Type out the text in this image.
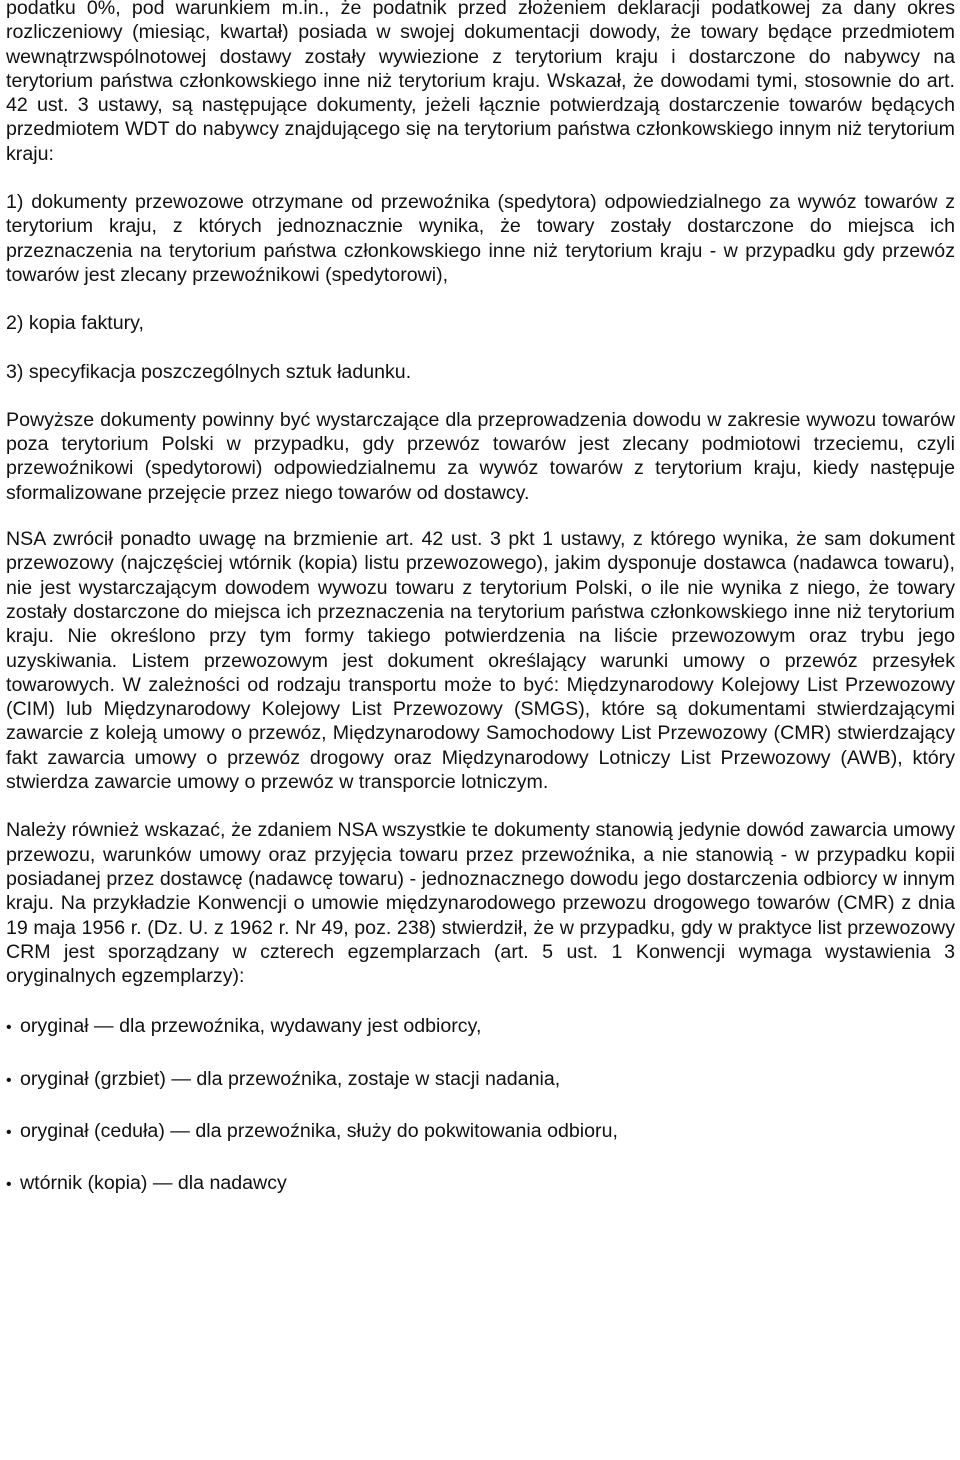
podatku 0%, pod warunkiem m.in., że podatnik przed złożeniem deklaracji podatkowej za dany okres rozliczeniowy (miesiąc, kwartał) posiada w swojej dokumentacji dowody, że towary będące przedmiotem wewnątrzwspólnotowej dostawy zostały wywiezione z terytorium kraju i dostarczone do nabywcy na terytorium państwa członkowskiego inne niż terytorium kraju. Wskazał, że dowodami tymi, stosownie do art. 42 ust. 3 ustawy, są następujące dokumenty, jeżeli łącznie potwierdzają dostarczenie towarów będących przedmiotem WDT do nabywcy znajdującego się na terytorium państwa członkowskiego innym niż terytorium kraju:

1) dokumenty przewozowe otrzymane od przewoźnika (spedytora) odpowiedzialnego za wywóz towarów z terytorium kraju, z których jednoznacznie wynika, że towary zostały dostarczone do miejsca ich przeznaczenia na terytorium państwa członkowskiego inne niż terytorium kraju - w przypadku gdy przewóz towarów jest zlecany przewoźnikowi (spedytorowi),

2) kopia faktury,

3) specyfikacja poszczególnych sztuk ładunku.

Powyższe dokumenty powinny być wystarczające dla przeprowadzenia dowodu w zakresie wywozu towarów poza terytorium Polski w przypadku, gdy przewóz towarów jest zlecany podmiotowi trzeciemu, czyli przewoźnikowi (spedytorowi) odpowiedzialnemu za wywóz towarów z terytorium kraju, kiedy następuje sformalizowane przejęcie przez niego towarów od dostawcy.

NSA zwrócił ponadto uwagę na brzmienie art. 42 ust. 3 pkt 1 ustawy, z którego wynika, że sam dokument przewozowy (najczęściej wtórnik (kopia) listu przewozowego), jakim dysponuje dostawca (nadawca towaru), nie jest wystarczającym dowodem wywozu towaru z terytorium Polski, o ile nie wynika z niego, że towary zostały dostarczone do miejsca ich przeznaczenia na terytorium państwa członkowskiego inne niż terytorium kraju. Nie określono przy tym formy takiego potwierdzenia na liście przewozowym oraz trybu jego uzyskiwania. Listem przewozowym jest dokument określający warunki umowy o przewóz przesyłek towarowych. W zależności od rodzaju transportu może to być: Międzynarodowy Kolejowy List Przewozowy (CIM) lub Międzynarodowy Kolejowy List Przewozowy (SMGS), które są dokumentami stwierdzającymi zawarcie z koleją umowy o przewóz, Międzynarodowy Samochodowy List Przewozowy (CMR) stwierdzający fakt zawarcia umowy o przewóz drogowy oraz Międzynarodowy Lotniczy List Przewozowy (AWB), który stwierdza zawarcie umowy o przewóz w transporcie lotniczym.

Należy również wskazać, że zdaniem NSA wszystkie te dokumenty stanowią jedynie dowód zawarcia umowy przewozu, warunków umowy oraz przyjęcia towaru przez przewoźnika, a nie stanowią - w przypadku kopii posiadanej przez dostawcę (nadawcę towaru) - jednoznacznego dowodu jego dostarczenia odbiorcy w innym kraju. Na przykładzie Konwencji o umowie międzynarodowego przewozu drogowego towarów (CMR) z dnia 19 maja 1956 r. (Dz. U. z 1962 r. Nr 49, poz. 238) stwierdził, że w przypadku, gdy w praktyce list przewozowy CRM jest sporządzany w czterech egzemplarzach (art. 5 ust. 1 Konwencji wymaga wystawienia 3 oryginalnych egzemplarzy):

• oryginał — dla przewoźnika, wydawany jest odbiorcy,
• oryginał (grzbiet) — dla przewoźnika, zostaje w stacji nadania,
• oryginał (ceduła) — dla przewoźnika, służy do pokwitowania odbioru,
• wtórnik (kopia) — dla nadawcy
